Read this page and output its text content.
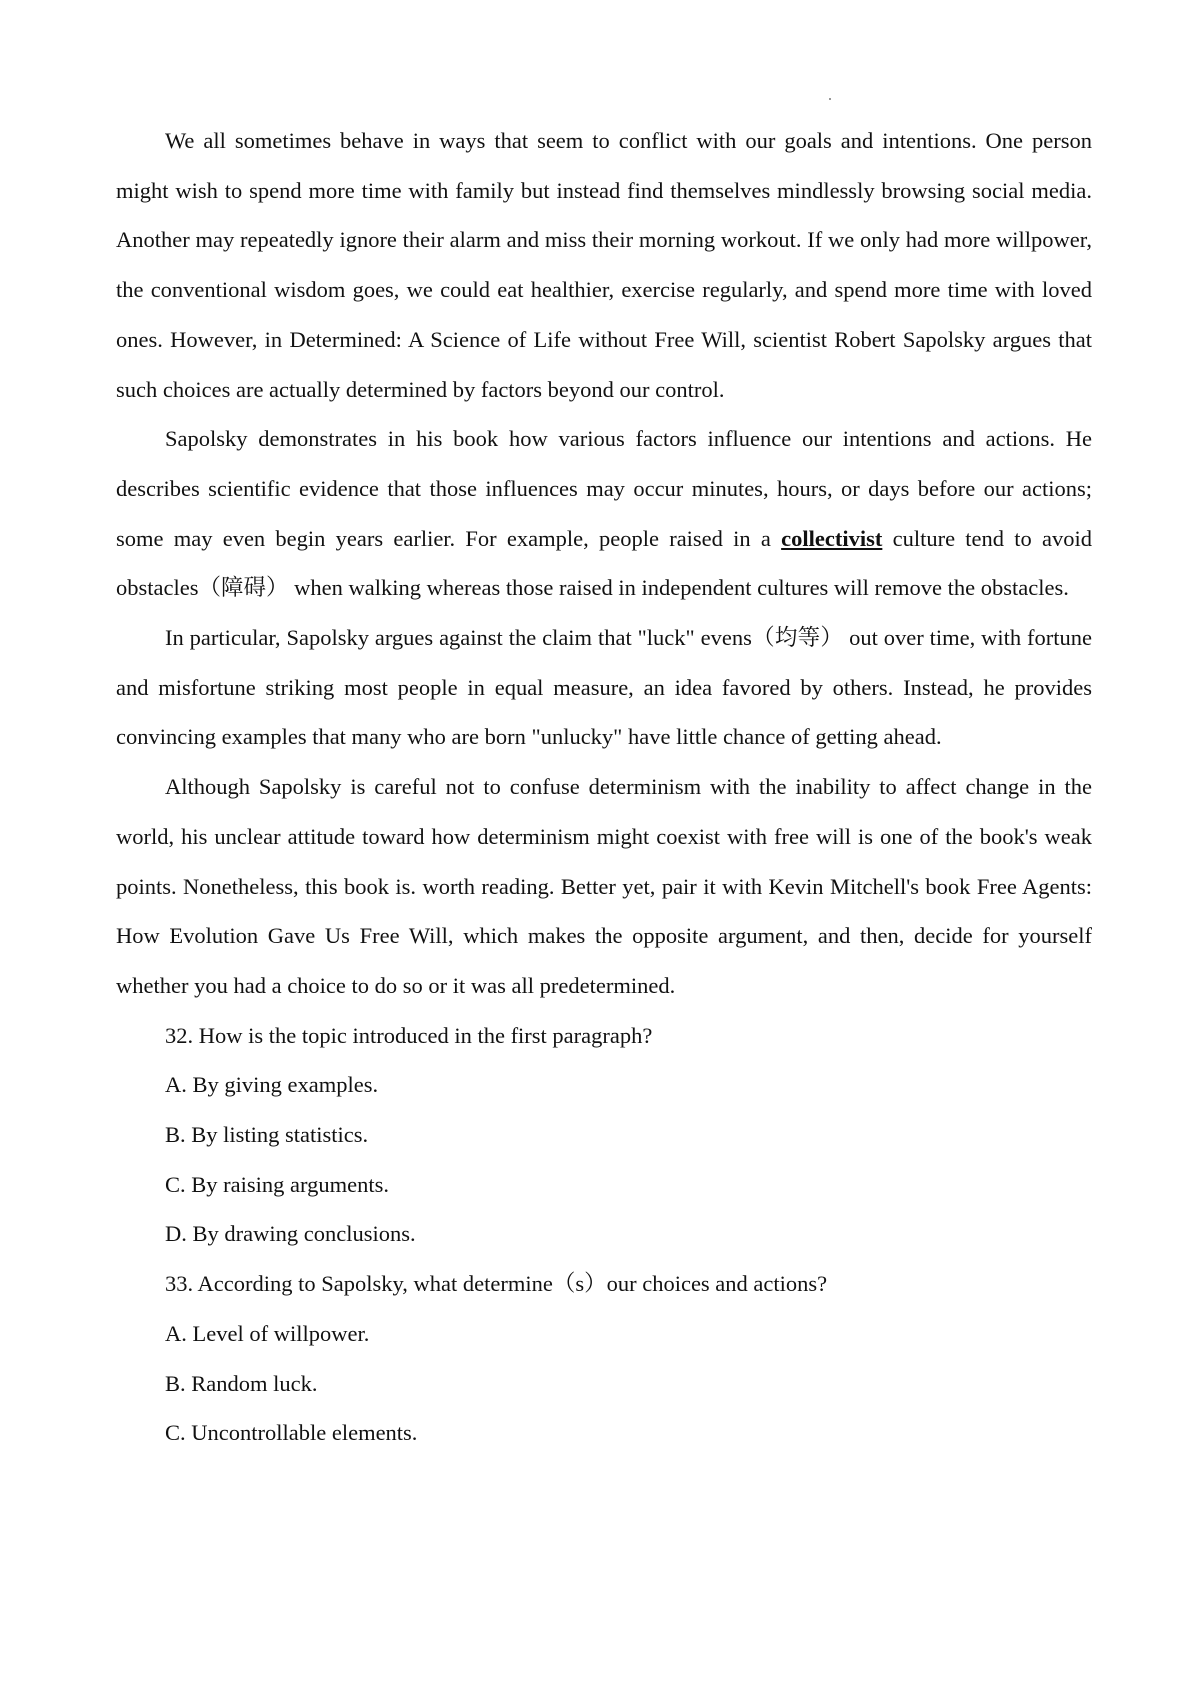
We all sometimes behave in ways that seem to conflict with our goals and intentions. One person might wish to spend more time with family but instead find themselves mindlessly browsing social media. Another may repeatedly ignore their alarm and miss their morning workout. If we only had more willpower, the conventional wisdom goes, we could eat healthier, exercise regularly, and spend more time with loved ones. However, in Determined: A Science of Life without Free Will, scientist Robert Sapolsky argues that such choices are actually determined by factors beyond our control.

Sapolsky demonstrates in his book how various factors influence our intentions and actions. He describes scientific evidence that those influences may occur minutes, hours, or days before our actions; some may even begin years earlier. For example, people raised in a collectivist culture tend to avoid obstacles（障碍） when walking whereas those raised in independent cultures will remove the obstacles.

In particular, Sapolsky argues against the claim that "luck" evens（均等） out over time, with fortune and misfortune striking most people in equal measure, an idea favored by others. Instead, he provides convincing examples that many who are born "unlucky" have little chance of getting ahead.

Although Sapolsky is careful not to confuse determinism with the inability to affect change in the world, his unclear attitude toward how determinism might coexist with free will is one of the book's weak points. Nonetheless, this book is. worth reading. Better yet, pair it with Kevin Mitchell's book Free Agents: How Evolution Gave Us Free Will, which makes the opposite argument, and then, decide for yourself whether you had a choice to do so or it was all predetermined.

32. How is the topic introduced in the first paragraph?

A. By giving examples.

B. By listing statistics.

C. By raising arguments.

D. By drawing conclusions.

33. According to Sapolsky, what determine（s）our choices and actions?

A. Level of willpower.

B. Random luck.

C. Uncontrollable elements.
